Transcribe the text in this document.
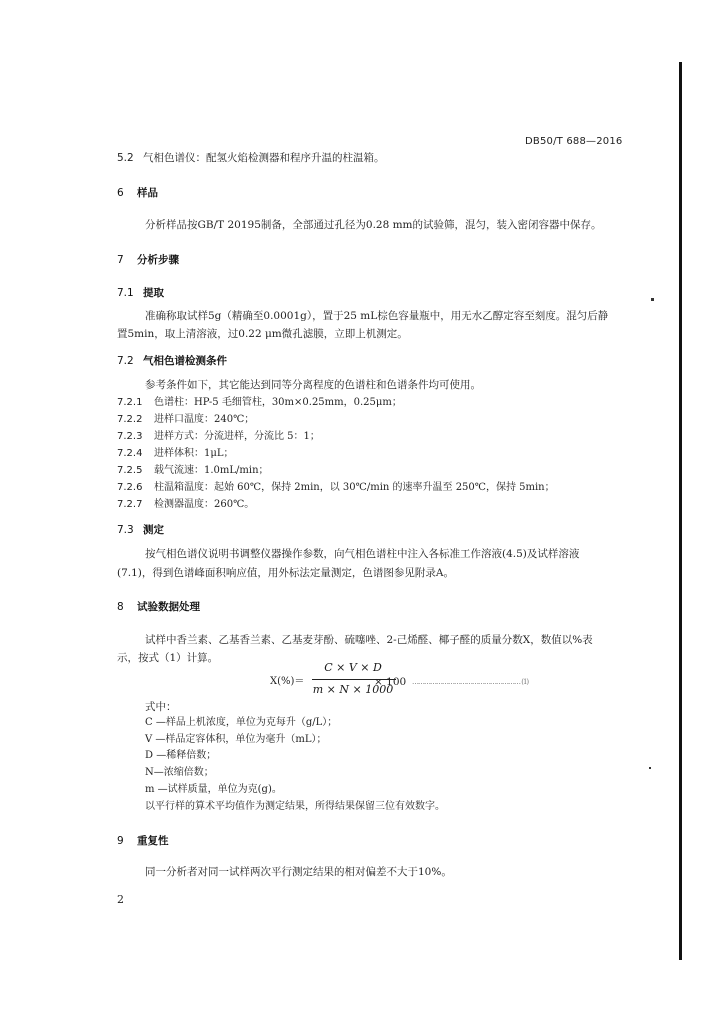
DB50/T 688—2016
5.2 气相色谱仪：配氢火焰检测器和程序升温的柱温箱。
6 样品
分析样品按GB/T 20195制备，全部通过孔径为0.28 mm的试验筛，混匀，装入密闭容器中保存。
7 分析步骤
7.1 提取
准确称取试样5g（精确至0.0001g），置于25 mL棕色容量瓶中，用无水乙醇定容至刻度。混匀后静
置5min，取上清溶液，过0.22 μm微孔滤膜，立即上机测定。
7.2 气相色谱检测条件
参考条件如下，其它能达到同等分离程度的色谱柱和色谱条件均可使用。
7.2.1 色谱柱：HP-5 毛细管柱，30m×0.25mm，0.25μm；
7.2.2 进样口温度：240℃；
7.2.3 进样方式：分流进样，分流比 5：1；
7.2.4 进样体积：1μL；
7.2.5 载气流速：1.0mL/min；
7.2.6 柱温箱温度：起始 60℃，保持 2min，以 30℃/min 的速率升温至 250℃，保持 5min；
7.2.7 检测器温度：260℃。
7.3 测定
按气相色谱仪说明书调整仪器操作参数，向气相色谱柱中注入各标准工作溶液(4.5)及试样溶液
(7.1)，得到色谱峰面积响应值，用外标法定量测定，色谱图参见附录A。
8 试验数据处理
试样中香兰素、乙基香兰素、乙基麦芽酚、硫噻唑、2-己烯醛、椰子醛的质量分数X，数值以%表
示，按式（1）计算。
X(%)＝
C × V × D
m × N × 1000
× 100 ……………………………………………… (1)
式中：
C —样品上机浓度，单位为克每升（g/L）；
V —样品定容体积，单位为毫升（mL）；
D —稀释倍数；
N—浓缩倍数；
m —试样质量，单位为克(g)。
以平行样的算术平均值作为测定结果，所得结果保留三位有效数字。
9 重复性
同一分析者对同一试样两次平行测定结果的相对偏差不大于10%。
2
